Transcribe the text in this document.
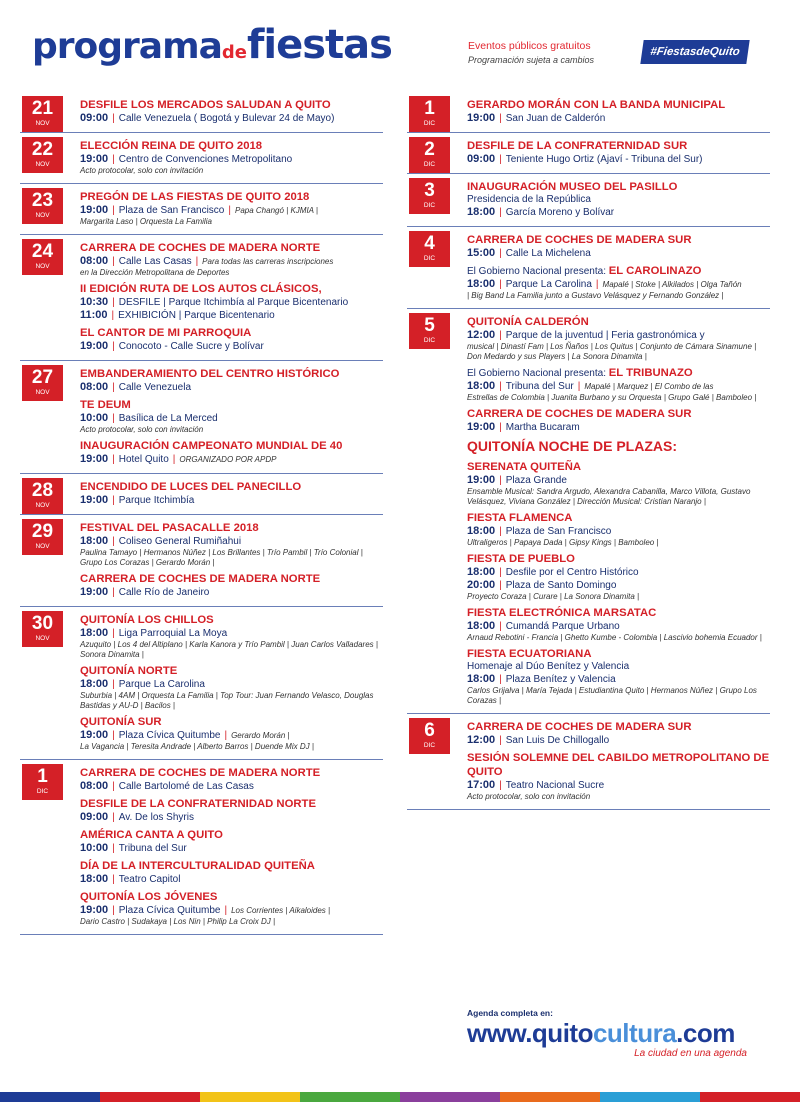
programadefiestas	Eventos públicos gratuitos
Programación sujeta a cambios
#FiestasdeQuito
21
NOV
DESFILE LOS MERCADOS SALUDAN A QUITO
09:00 | Calle Venezuela ( Bogotá y Bulevar 24 de Mayo)
22
NOV
ELECCIÓN REINA DE QUITO 2018
19:00 | Centro de Convenciones Metropolitano
Acto protocolar, solo con invitación
23
NOV
PREGÓN DE LAS FIESTAS DE QUITO 2018
19:00 | Plaza de San Francisco | Papa Changó | KJMIA |
Margarita Laso | Orquesta La Familia
24
NOV
CARRERA DE COCHES DE MADERA NORTE
08:00 | Calle Las Casas | Para todas las carreras inscripciones
en la Dirección Metropolitana de Deportes
II EDICIÓN RUTA DE LOS AUTOS CLÁSICOS,
10:30 | DESFILE | Parque Itchimbía al Parque Bicentenario
11:00 | EXHIBICIÓN | Parque Bicentenario
EL CANTOR DE MI PARROQUIA
19:00 | Conocoto - Calle Sucre y Bolívar
27
NOV
EMBANDERAMIENTO DEL CENTRO HISTÓRICO
08:00 | Calle Venezuela
TE DEUM
10:00 | Basílica de La Merced
Acto protocolar, solo con invitación
INAUGURACIÓN CAMPEONATO MUNDIAL DE 40
19:00 | Hotel Quito | ORGANIZADO POR APDP
28
NOV
ENCENDIDO DE LUCES DEL PANECILLO
19:00 | Parque Itchimbía
29
NOV
FESTIVAL DEL PASACALLE 2018
18:00 | Coliseo General Rumiñahui
Paulina Tamayo | Hermanos Núñez | Los Brillantes | Trío Pambil | Trío Colonial | Grupo Los Corazas | Gerardo Morán |
CARRERA DE COCHES DE MADERA NORTE
19:00 | Calle Río de Janeiro
30
NOV
QUITONÍA LOS CHILLOS
18:00 | Liga Parroquial La Moya
Azuquito | Los 4 del Altiplano | Karla Kanora y Trío Pambil | Juan Carlos Valladares | Sonora Dinamita |
QUITONÍA NORTE
18:00 | Parque La Carolina
Suburbia | 4AM | Orquesta La Familia | Top Tour: Juan Fernando Velasco, Douglas Bastidas y AU-D | Bacilos |
QUITONÍA SUR
19:00 | Plaza Cívica Quitumbe | Gerardo Morán |
La Vagancia | Teresita Andrade | Alberto Barros | Duende Mix DJ |
1
DIC
CARRERA DE COCHES DE MADERA NORTE
08:00 | Calle Bartolomé de Las Casas
DESFILE DE LA CONFRATERNIDAD NORTE
09:00 | Av. De los Shyris
AMÉRICA CANTA A QUITO
10:00 | Tribuna del Sur
DÍA DE LA INTERCULTURALIDAD QUITEÑA
18:00 | Teatro Capitol
QUITONÍA LOS JÓVENES
19:00 | Plaza Cívica Quitumbe | Los Corrientes | Aikaloides |
Dario Castro | Sudakaya | Los Nin | Philip La Croix DJ |
1
DIC
GERARDO MORÁN CON LA BANDA MUNICIPAL
19:00 | San Juan de Calderón
2
DIC
DESFILE DE LA CONFRATERNIDAD SUR
09:00 | Teniente Hugo Ortiz (Ajaví - Tribuna del Sur)
3
DIC
INAUGURACIÓN MUSEO DEL PASILLO
Presidencia de la República
18:00 | García Moreno y Bolívar
4
DIC
CARRERA DE COCHES DE MADERA SUR
15:00 | Calle La Michelena
El Gobierno Nacional presenta: EL CAROLINAZO
18:00 | Parque La Carolina | Mapalé | Stoke | Alkilados | Olga Tañón
| Big Band La Familia junto a Gustavo Velásquez y Fernando González |
5
DIC
QUITONÍA CALDERÓN
12:00 | Parque de la juventud | Feria gastronómica y
musical | Dinastí Fam | Los Ñaños | Los Quitus | Conjunto de Cámara Sinamune | Don Medardo y sus Players | La Sonora Dinamita |
El Gobierno Nacional presenta: EL TRIBUNAZO
18:00 | Tribuna del Sur | Mapalé | Marquez | El Combo de las
Estrellas de Colombia | Juanita Burbano y su Orquesta | Grupo Galé | Bamboleo |
CARRERA DE COCHES DE MADERA SUR
19:00 | Martha Bucaram
QUITONÍA NOCHE DE PLAZAS:
SERENATA QUITEÑA
19:00 | Plaza Grande
Ensamble Musical: Sandra Argudo, Alexandra Cabanilla, Marco Villota, Gustavo Velásquez, Viviana González | Dirección Musical: Cristian Naranjo |
FIESTA FLAMENCA
18:00 | Plaza de San Francisco
Ultraligeros | Papaya Dada | Gipsy Kings | Bamboleo |
FIESTA DE PUEBLO
18:00 | Desfile por el Centro Histórico
20:00 | Plaza de Santo Domingo
Proyecto Coraza | Curare | La Sonora Dinamita |
FIESTA ELECTRÓNICA MARSATAC
18:00 | Cumandá Parque Urbano
Arnaud Rebotini - Francia | Ghetto Kumbe - Colombia | Lascivio bohemia Ecuador |
FIESTA ECUATORIANA
Homenaje al Dúo Benítez y Valencia
18:00 | Plaza Benítez y Valencia
Carlos Grijalva | María Tejada | Estudiantina Quito | Hermanos Núñez | Grupo Los Corazas |
6
DIC
CARRERA DE COCHES DE MADERA SUR
12:00 | San Luis De Chillogallo
SESIÓN SOLEMNE DEL CABILDO METROPOLITANO DE QUITO
17:00 | Teatro Nacional Sucre
Acto protocolar, solo con invitación
Agenda completa en:
www.quitocultura.com
La ciudad en una agenda
